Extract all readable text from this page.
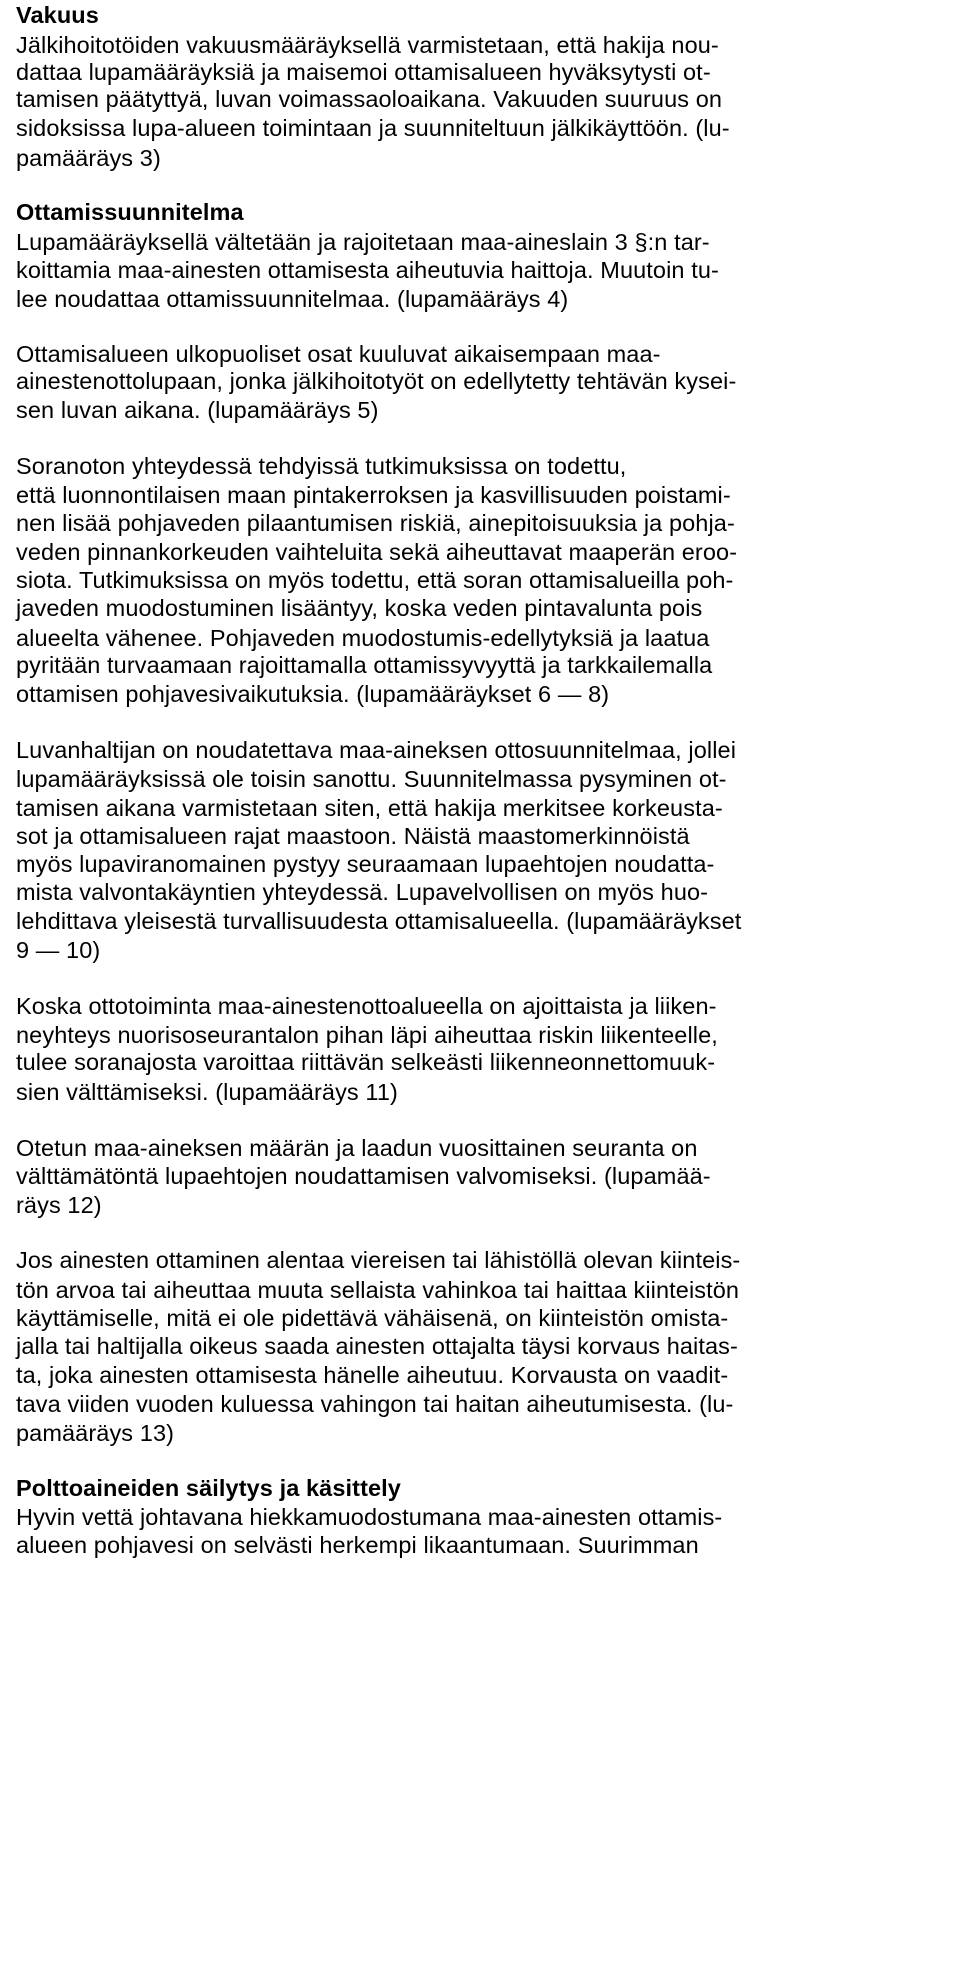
Vakuus

Jälkihoitotöiden vakuusmääräyksellä varmistetaan, että hakija nou-

dattaa lupamääräyksiä ja maisemoi ottamisalueen hyväksytysti ot-

tamisen päätyttyä, luvan voimassaoloaikana. Vakuuden suuruus on

sidoksissa lupa-alueen toimintaan ja suunniteltuun jälkikäyttöön. (lu-

pamääräys 3)

Ottamissuunnitelma

Lupamääräyksellä vältetään ja rajoitetaan maa-aineslain 3 §:n tar-

koittamia maa-ainesten ottamisesta aiheutuvia haittoja. Muutoin tu-

lee noudattaa ottamissuunnitelmaa. (lupamääräys 4)

Ottamisalueen ulkopuoliset osat kuuluvat aikaisempaan maa-

ainestenottolupaan, jonka jälkihoitotyöt on edellytetty tehtävän kysei-

sen luvan aikana. (lupamääräys 5)

Soranoton yhteydessä tehdyissä tutkimuksissa on todettu,

että luonnontilaisen maan pintakerroksen ja kasvillisuuden poistami-

nen lisää pohjaveden pilaantumisen riskiä, ainepitoisuuksia ja pohja-

veden pinnankorkeuden vaihteluita sekä aiheuttavat maaperän eroo-

siota. Tutkimuksissa on myös todettu, että soran ottamisalueilla poh-

javeden muodostuminen lisääntyy, koska veden pintavalunta pois

alueelta vähenee. Pohjaveden muodostumis-edellytyksiä ja laatua

pyritään turvaamaan rajoittamalla ottamissyvyyttä ja tarkkailemalla

ottamisen pohjavesivaikutuksia. (lupamääräykset 6 — 8)

Luvanhaltijan on noudatettava maa-aineksen ottosuunnitelmaa, jollei

lupamääräyksissä ole toisin sanottu. Suunnitelmassa pysyminen ot-

tamisen aikana varmistetaan siten, että hakija merkitsee korkeusta-

sot ja ottamisalueen rajat maastoon. Näistä maastomerkinnöistä

myös lupaviranomainen pystyy seuraamaan lupaehtojen noudatta-

mista valvontakäyntien yhteydessä. Lupavelvollisen on myös huo-

lehdittava yleisestä turvallisuudesta ottamisalueella. (lupamääräykset

9 — 10)

Koska ottotoiminta maa-ainestenottoalueella on ajoittaista ja liiken-

neyhteys nuorisoseurantalon pihan läpi aiheuttaa riskin liikenteelle,

tulee soranajosta varoittaa riittävän selkeästi liikenneonnettomuuk-

sien välttämiseksi. (lupamääräys 11)

Otetun maa-aineksen määrän ja laadun vuosittainen seuranta on

välttämätöntä lupaehtojen noudattamisen valvomiseksi. (lupamää-

räys 12)

Jos ainesten ottaminen alentaa viereisen tai lähistöllä olevan kiinteis-

tön arvoa tai aiheuttaa muuta sellaista vahinkoa tai haittaa kiinteistön

käyttämiselle, mitä ei ole pidettävä vähäisenä, on kiinteistön omista-

jalla tai haltijalla oikeus saada ainesten ottajalta täysi korvaus haitas-

ta, joka ainesten ottamisesta hänelle aiheutuu. Korvausta on vaadit-

tava viiden vuoden kuluessa vahingon tai haitan aiheutumisesta. (lu-

pamääräys 13)

Polttoaineiden säilytys ja käsittely

Hyvin vettä johtavana hiekkamuodostumana maa-ainesten ottamis-

alueen pohjavesi on selvästi herkempi likaantumaan. Suurimman
